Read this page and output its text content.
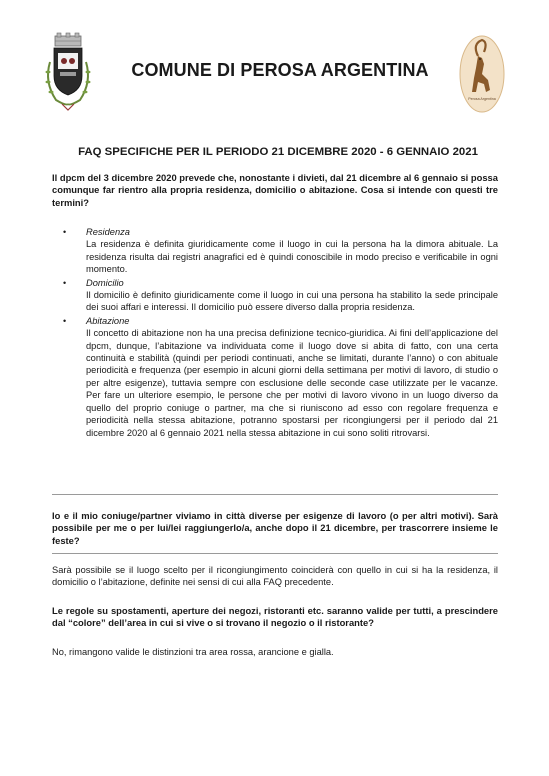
COMUNE DI PEROSA ARGENTINA
Perosa Argentina
FAQ SPECIFICHE PER IL PERIODO 21 DICEMBRE 2020 - 6 GENNAIO 2021
Il dpcm del 3 dicembre 2020 prevede che, nonostante i divieti, dal 21 dicembre al 6 gennaio si possa comunque far rientro alla propria residenza, domicilio o abitazione. Cosa si intende con questi tre termini?
• Residenza
La residenza è definita giuridicamente come il luogo in cui la persona ha la dimora abituale. La residenza risulta dai registri anagrafici ed è quindi conoscibile in modo preciso e verificabile in ogni momento.
• Domicilio
Il domicilio è definito giuridicamente come il luogo in cui una persona ha stabilito la sede principale dei suoi affari e interessi. Il domicilio può essere diverso dalla propria residenza.
• Abitazione
Il concetto di abitazione non ha una precisa definizione tecnico-giuridica. Ai fini dell’applicazione del dpcm, dunque, l’abitazione va individuata come il luogo dove si abita di fatto, con una certa continuità e stabilità (quindi per periodi continuati, anche se limitati, durante l’anno) o con abituale periodicità e frequenza (per esempio in alcuni giorni della settimana per motivi di lavoro, di studio o per altre esigenze), tuttavia sempre con esclusione delle seconde case utilizzate per le vacanze. Per fare un ulteriore esempio, le persone che per motivi di lavoro vivono in un luogo diverso da quello del proprio coniuge o partner, ma che si riuniscono ad esso con regolare frequenza e periodicità nella stessa abitazione, potranno spostarsi per ricongiungersi per il periodo dal 21 dicembre 2020 al 6 gennaio 2021 nella stessa abitazione in cui sono soliti ritrovarsi.
Io e il mio coniuge/partner viviamo in città diverse per esigenze di lavoro (o per altri motivi). Sarà possibile per me o per lui/lei raggiungerlo/a, anche dopo il 21 dicembre, per trascorrere insieme le feste?
Sarà possibile se il luogo scelto per il ricongiungimento coinciderà con quello in cui si ha la residenza, il domicilio o l’abitazione, definite nei sensi di cui alla FAQ precedente.
Le regole su spostamenti, aperture dei negozi, ristoranti etc. saranno valide per tutti, a prescindere dal “colore” dell’area in cui si vive o si trovano il negozio o il ristorante?
No, rimangono valide le distinzioni tra area rossa, arancione e gialla.
